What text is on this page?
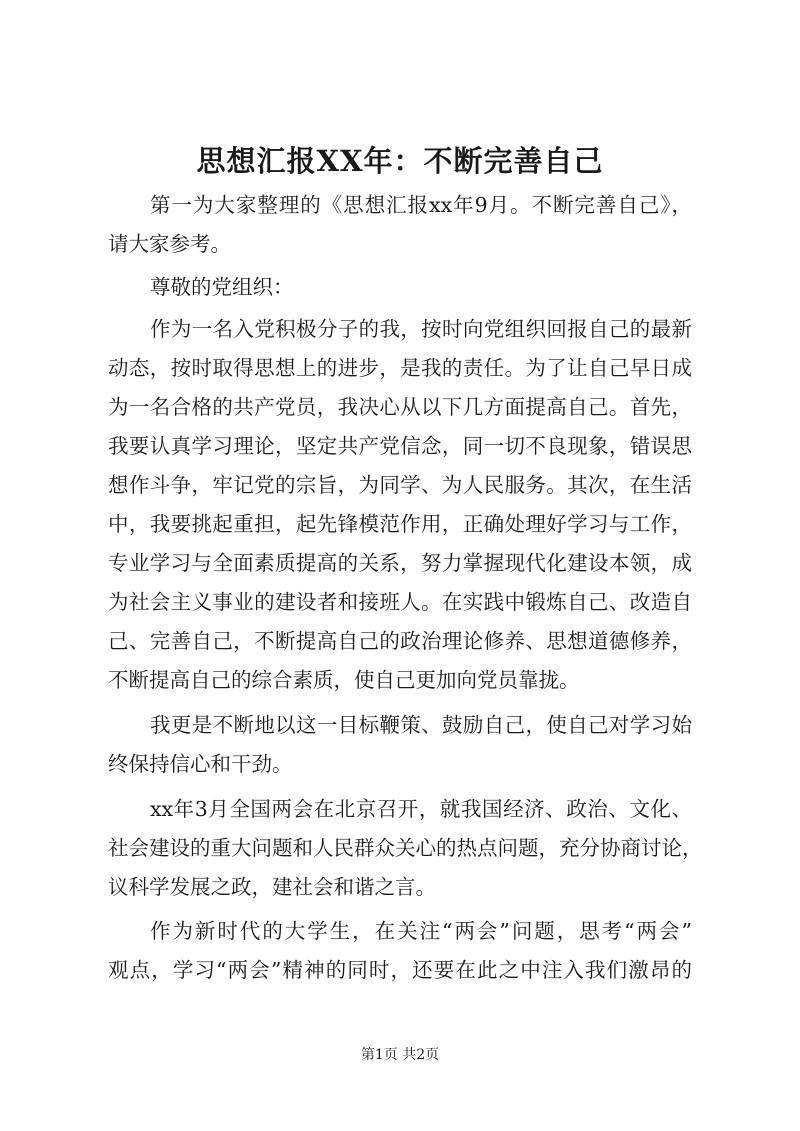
思想汇报XX年：不断完善自己

第一为大家整理的《思想汇报xx年9月。不断完善自己》，

请大家参考。

尊敬的党组织：

作为一名入党积极分子的我，按时向党组织回报自己的最新

动态，按时取得思想上的进步，是我的责任。为了让自己早日成

为一名合格的共产党员，我决心从以下几方面提高自己。首先，

我要认真学习理论，坚定共产党信念，同一切不良现象，错误思

想作斗争，牢记党的宗旨，为同学、为人民服务。其次，在生活

中，我要挑起重担，起先锋模范作用，正确处理好学习与工作，

专业学习与全面素质提高的关系，努力掌握现代化建设本领，成

为社会主义事业的建设者和接班人。在实践中锻炼自己、改造自

己、完善自己，不断提高自己的政治理论修养、思想道德修养，

不断提高自己的综合素质，使自己更加向党员靠拢。

我更是不断地以这一目标鞭策、鼓励自己，使自己对学习始

终保持信心和干劲。

xx年3月全国两会在北京召开，就我国经济、政治、文化、

社会建设的重大问题和人民群众关心的热点问题，充分协商讨论，

议科学发展之政，建社会和谐之言。

作为新时代的大学生，在关注“两会”问题，思考“两会”

观点，学习“两会”精神的同时，还要在此之中注入我们激昂的

第1页 共2页
